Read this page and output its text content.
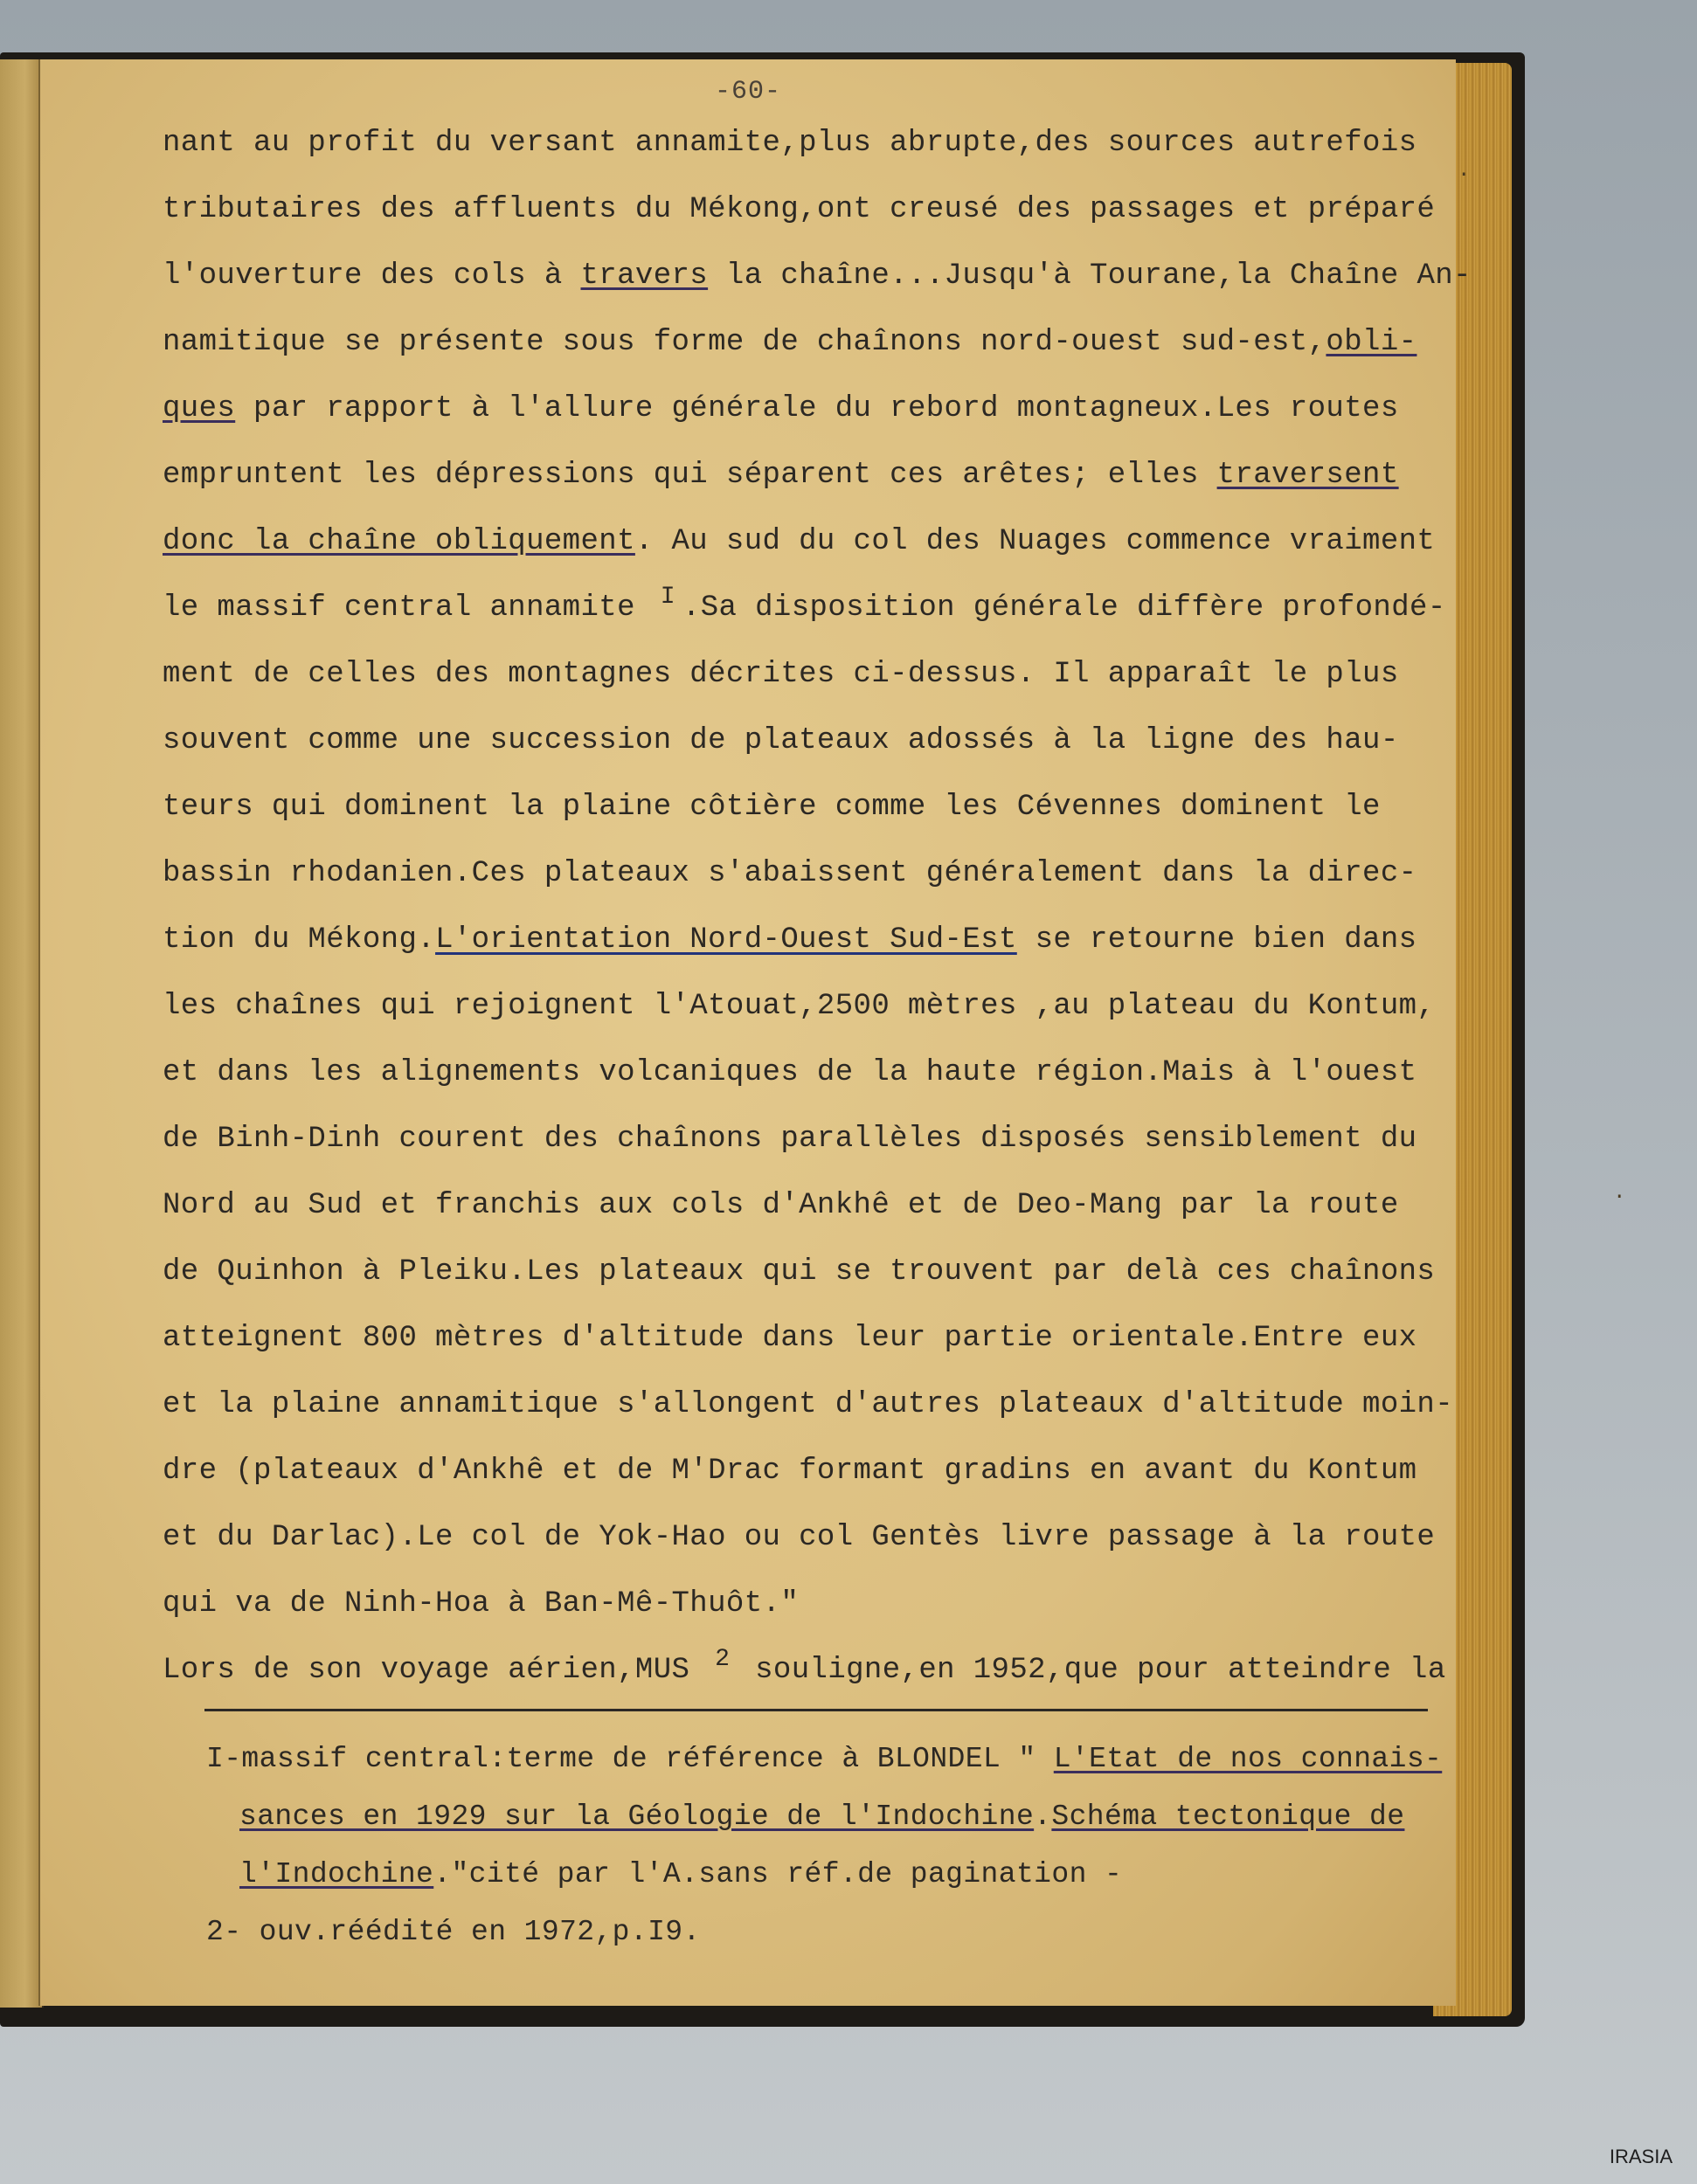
-60-
nant au profit du versant annamite,plus abrupte,des sources autrefois
tributaires des affluents du Mékong,ont creusé des passages et préparé
l'ouverture des cols à travers la chaîne...Jusqu'à Tourane,la Chaîne An-
namitique se présente sous forme de chaînons nord-ouest sud-est,obli-
ques par rapport à l'allure générale du rebord montagneux.Les routes
empruntent les dépressions qui séparent ces arêtes; elles traversent
donc la chaîne obliquement. Au sud du col des Nuages commence vraiment
le massif central annamite $^I$ .Sa disposition générale diffère profondé-
ment de celles des montagnes décrites ci-dessus. Il apparaît le plus
souvent comme une succession de plateaux adossés à la ligne des hau-
teurs qui dominent la plaine côtière comme les Cévennes dominent le
bassin rhodanien.Ces plateaux s'abaissent généralement dans la direc-
tion du Mékong.L'orientation Nord-Ouest Sud-Est se retourne bien dans
les chaînes qui rejoignent l'Atouat,2500 mètres ,au plateau du Kontum,
et dans les alignements volcaniques de la haute région.Mais à l'ouest
de Binh-Dinh courent des chaînons parallèles disposés sensiblement du
Nord au Sud et franchis aux cols d'Ankhê et de Deo-Mang par la route
de Quinhon à Pleiku.Les plateaux qui se trouvent par delà ces chaînons
atteignent 800 mètres d'altitude dans leur partie orientale.Entre eux
et la plaine annamitique s'allongent d'autres plateaux d'altitude moin-
dre (plateaux d'Ankhê et de M'Drac formant gradins en avant du Kontum
et du Darlac).Le col de Yok-Hao ou col Gentès livre passage à la route
qui va de Ninh-Hoa à Ban-Mê-Thuôt."
Lors de son voyage aérien,MUS $^2$ souligne,en 1952,que pour atteindre la
I-massif central:terme de référence à BLONDEL " L'Etat de nos connais-
sances en 1929 sur la Géologie de l'Indochine.Schéma tectonique de
l'Indochine."cité par l'A.sans réf.de pagination -
2- ouv.réédité en 1972,p.I9.
.
.
IRASIA
